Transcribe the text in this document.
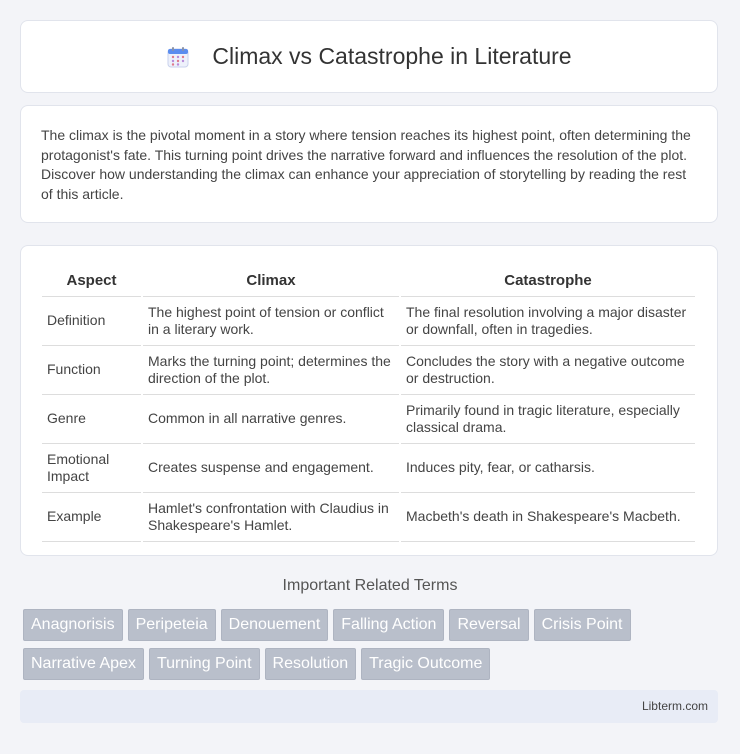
Climax vs Catastrophe in Literature

The climax is the pivotal moment in a story where tension reaches its highest point, often determining the protagonist's fate. This turning point drives the narrative forward and influences the resolution of the plot. Discover how understanding the climax can enhance your appreciation of storytelling by reading the rest of this article.

Aspect	Climax	Catastrophe
Definition	The highest point of tension or conflict in a literary work.	The final resolution involving a major disaster or downfall, often in tragedies.
Function	Marks the turning point; determines the direction of the plot.	Concludes the story with a negative outcome or destruction.
Genre	Common in all narrative genres.	Primarily found in tragic literature, especially classical drama.
Emotional Impact	Creates suspense and engagement.	Induces pity, fear, or catharsis.
Example	Hamlet's confrontation with Claudius in Shakespeare's Hamlet.	Macbeth's death in Shakespeare's Macbeth.
Important Related Terms
Anagnorisis Peripeteia Denouement Falling Action Reversal Crisis Point
Narrative Apex Turning Point Resolution Tragic Outcome
Libterm.com
